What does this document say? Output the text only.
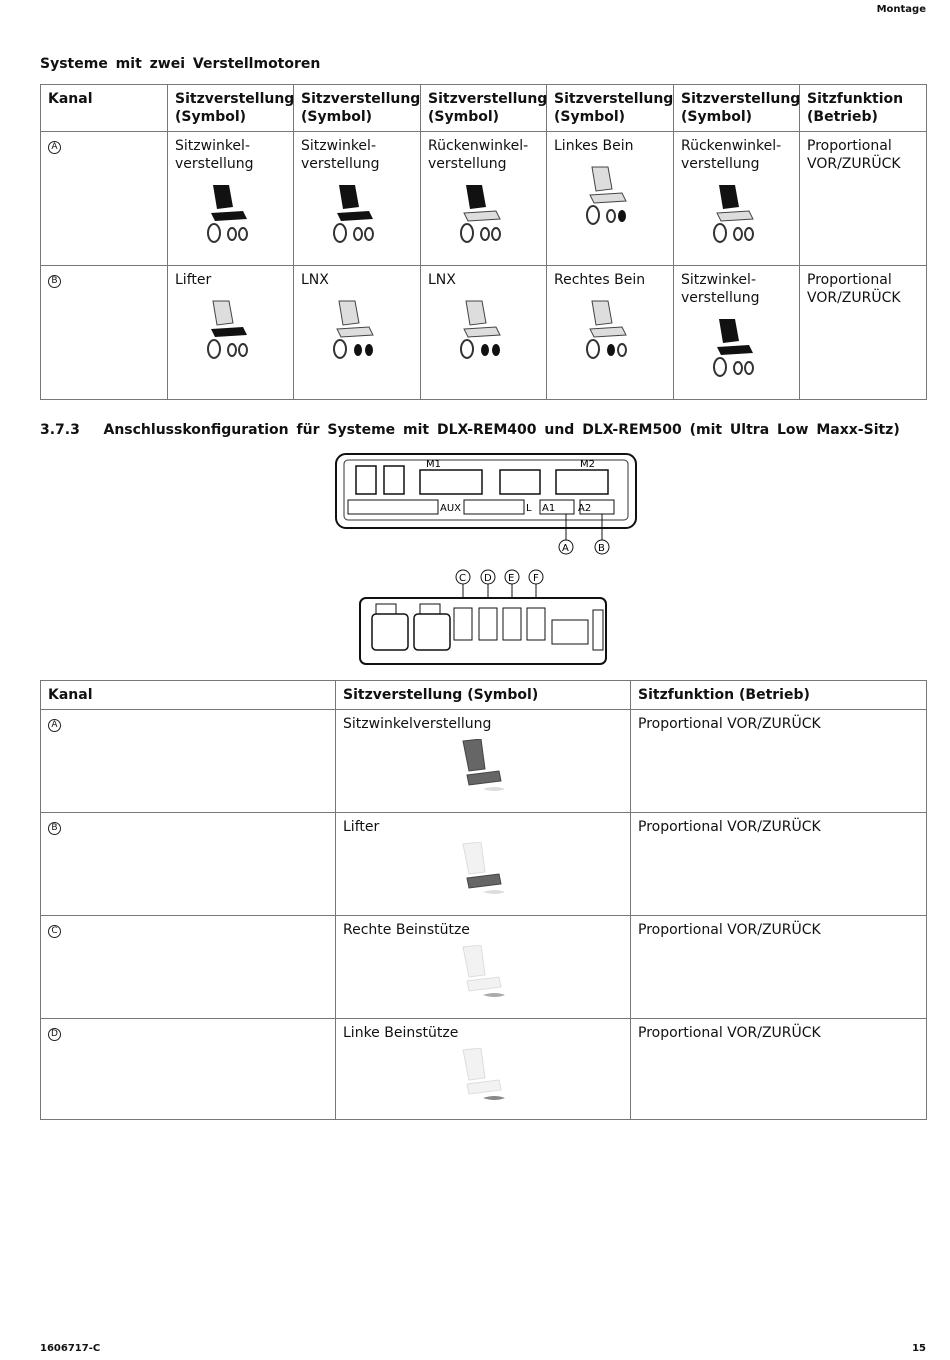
Montage
Systeme mit zwei Verstellmotoren
Kanal	Sitzverstellung (Symbol)	Sitzverstellung (Symbol)	Sitzverstellung (Symbol)	Sitzverstellung (Symbol)	Sitzverstellung (Symbol)	Sitzfunktion (Betrieb)
A	Sitzwinkel-
verstellung	Sitzwinkel-
verstellung	Rückenwinkel-
verstellung	Linkes Bein	Rückenwinkel-
verstellung	Proportional VOR/ZURÜCK

B	Lifter	LNX	LNX	Rechtes Bein	Sitzwinkel-
verstellung	Proportional VOR/ZURÜCK
3.7.3 Anschlusskonfiguration für Systeme mit DLX-REM400 und DLX-REM500 (mit Ultra Low Maxx-Sitz)
M1	M2
AUX	A1 A2
L
A	B
C D E F
Kanal	Sitzverstellung (Symbol)	Sitzfunktion (Betrieb)
A	Sitzwinkelverstellung	Proportional VOR/ZURÜCK

B	Lifter	Proportional VOR/ZURÜCK

C	Rechte Beinstütze	Proportional VOR/ZURÜCK

D	Linke Beinstütze	Proportional VOR/ZURÜCK
1606717-C	15
